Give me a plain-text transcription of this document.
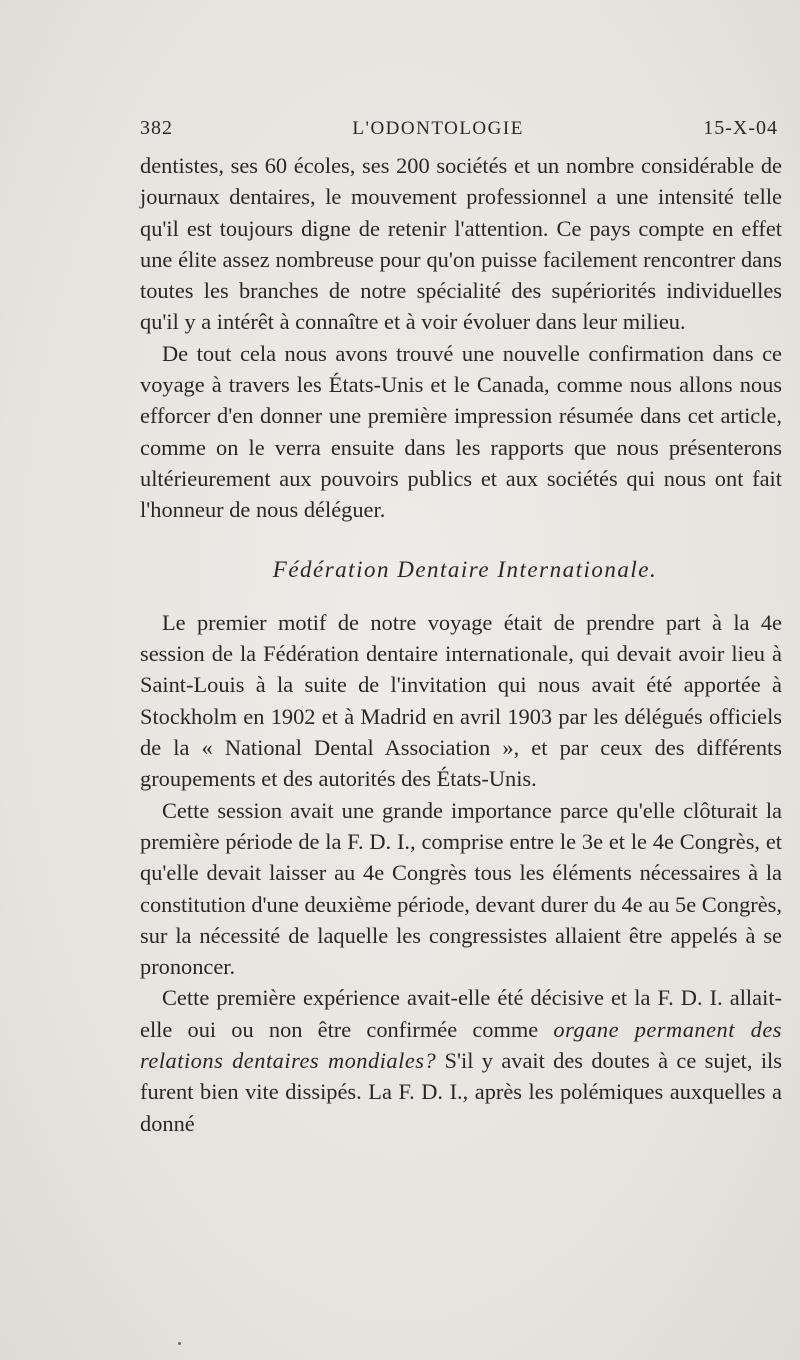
382	L'ODONTOLOGIE	15-X-04

dentistes, ses 60 écoles, ses 200 sociétés et un nombre considérable de journaux dentaires, le mouvement professionnel a une intensité telle qu'il est toujours digne de retenir l'attention. Ce pays compte en effet une élite assez nombreuse pour qu'on puisse facilement rencontrer dans toutes les branches de notre spécialité des supériorités individuelles qu'il y a intérêt à connaître et à voir évoluer dans leur milieu.

De tout cela nous avons trouvé une nouvelle confirmation dans ce voyage à travers les États-Unis et le Canada, comme nous allons nous efforcer d'en donner une première impression résumée dans cet article, comme on le verra ensuite dans les rapports que nous présenterons ultérieurement aux pouvoirs publics et aux sociétés qui nous ont fait l'honneur de nous déléguer.

Fédération Dentaire Internationale.

Le premier motif de notre voyage était de prendre part à la 4e session de la Fédération dentaire internationale, qui devait avoir lieu à Saint-Louis à la suite de l'invitation qui nous avait été apportée à Stockholm en 1902 et à Madrid en avril 1903 par les délégués officiels de la « National Dental Association », et par ceux des différents groupements et des autorités des États-Unis.

Cette session avait une grande importance parce qu'elle clôturait la première période de la F. D. I., comprise entre le 3e et le 4e Congrès, et qu'elle devait laisser au 4e Congrès tous les éléments nécessaires à la constitution d'une deuxième période, devant durer du 4e au 5e Congrès, sur la nécessité de laquelle les congressistes allaient être appelés à se prononcer.

Cette première expérience avait-elle été décisive et la F. D. I. allait-elle oui ou non être confirmée comme organe permanent des relations dentaires mondiales? S'il y avait des doutes à ce sujet, ils furent bien vite dissipés. La F. D. I., après les polémiques auxquelles a donné
